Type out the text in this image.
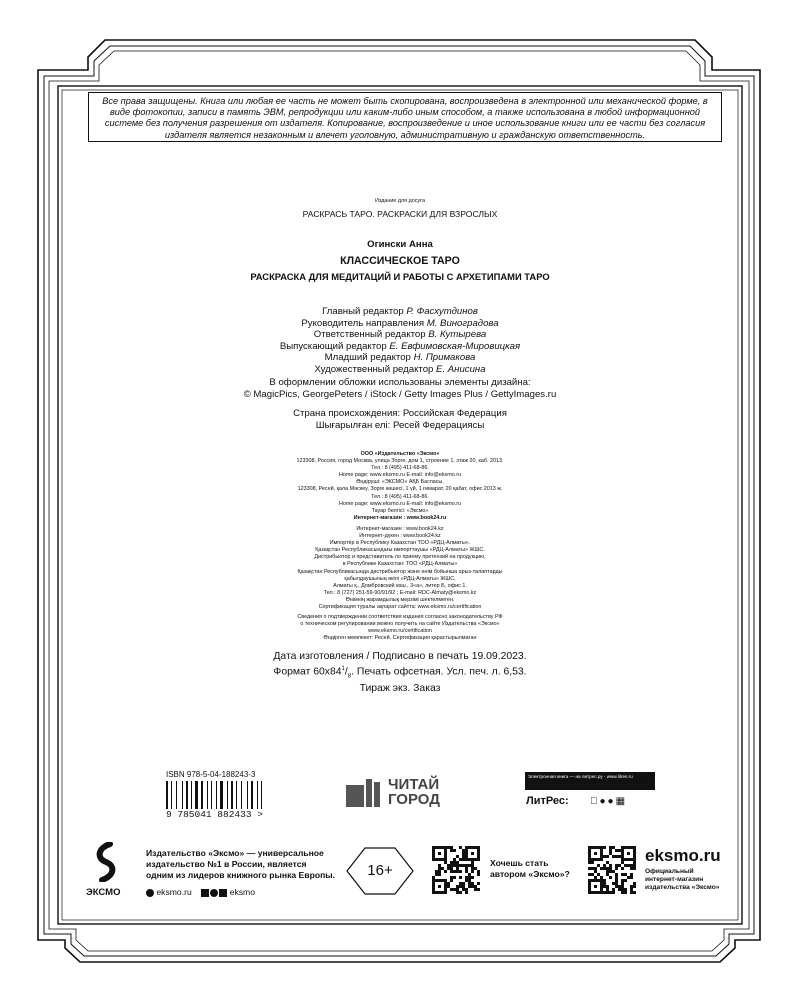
Все права защищены. Книга или любая ее часть не может быть скопирована, воспроизведена в электронной или механической форме, в виде фотокопии, записи в память ЭВМ, репродукции или каким-либо иным способом, а также использована в любой информационной системе без получения разрешения от издателя. Копирование, воспроизведение и иное использование книги или ее части без согласия издателя является незаконным и влечет уголовную, административную и гражданскую ответственность.
Издание для досуга
РАСКРАСЬ ТАРО. РАСКРАСКИ ДЛЯ ВЗРОСЛЫХ
Огински Анна
КЛАССИЧЕСКОЕ ТАРО
РАСКРАСКА ДЛЯ МЕДИТАЦИЙ И РАБОТЫ С АРХЕТИПАМИ ТАРО
Главный редактор Р. Фасхутдинов
Руководитель направления М. Виноградова
Ответственный редактор В. Кутырева
Выпускающий редактор Е. Евфимовская-Мировицкая
Младший редактор Н. Примакова
Художественный редактор Е. Анисина
В оформлении обложки использованы элементы дизайна:
© MagicPics, GeorgePeters / iStock / Getty Images Plus / GettyImages.ru
Страна происхождения: Российская Федерация
Шығарылған елі: Ресей Федерациясы
ООО «Издательство «Эксмо»
123308, Россия, город Москва, улица Зорге, дом 1, строение 1, этаж 20, каб. 2013.
Тел.: 8 (495) 411-68-86.
Home page: www.eksmo.ru E-mail: info@eksmo.ru
Өндіруші: «ЭКСМО» АҚБ Баспасы,
123308, Ресей, қала Мәскеу, Зорге көшесі, 1 үй, 1 ғимарат, 20 қабат, офис 2013 ж.
Тел.: 8 (495) 411-68-86.
Home page: www.eksmo.ru E-mail: info@eksmo.ru
Тауар белгісі: «Эксмо»
Интернет-магазин : www.book24.ru
Интернет-магазин : www.book24.kz
Интернет-дүкен : www.book24.kz
Импортёр в Республику Казахстан ТОО «РДЦ-Алматы».
Қазақстан Республикасындағы импорттаушы «РДЦ-Алматы» ЖШС.
Дистрибьютор и представитель по приему претензий на продукцию,
в Республике Казахстан: ТОО «РДЦ-Алматы»
Қазақстан Республикасында дистрибьютор және өнім бойынша арыз-талаптарды
қабылдаушының өкілі «РДЦ-Алматы» ЖШС,
Алматы қ., Домбровский көш., 3«а», литер Б, офис 1.
Тел.: 8 (727) 251-59-90/91/92 ; E-mail: RDC-Almaty@eksmo.kz
Өнімнің жарамдылық мерзімі шектелмеген.
Сертификация туралы ақпарат сайтта: www.eksmo.ru/certification
Сведения о подтверждении соответствия издания согласно законодательству РФ
о техническом регулировании можно получить на сайте Издательства «Эксмо»
www.eksmo.ru/certification
Өндірген мемлекет: Ресей. Сертификация қарастырылмаған
Дата изготовления / Подписано в печать 19.09.2023.
Формат $60x84^1/_8$. Печать офсетная. Усл. печ. л. 6,53.
Тираж экз. Заказ
ISBN 978-5-04-188243-3
9 785041 882433 >
ЧИТАЙ
ГОРОД
Электронная книга — на литрес.ру · www.litres.ru
ЛитРес: ●●▦
ЭКСМО
Издательство «Эксмо» — универсальное
издательство №1 в России, является
одним из лидеров книжного рынка Европы.
eksmo.ru	eksmo
16+	Хочешь стать
автором «Эксмо»?
eksmo.ru
Официальный
интернет-магазин
издательства «Эксмо»
